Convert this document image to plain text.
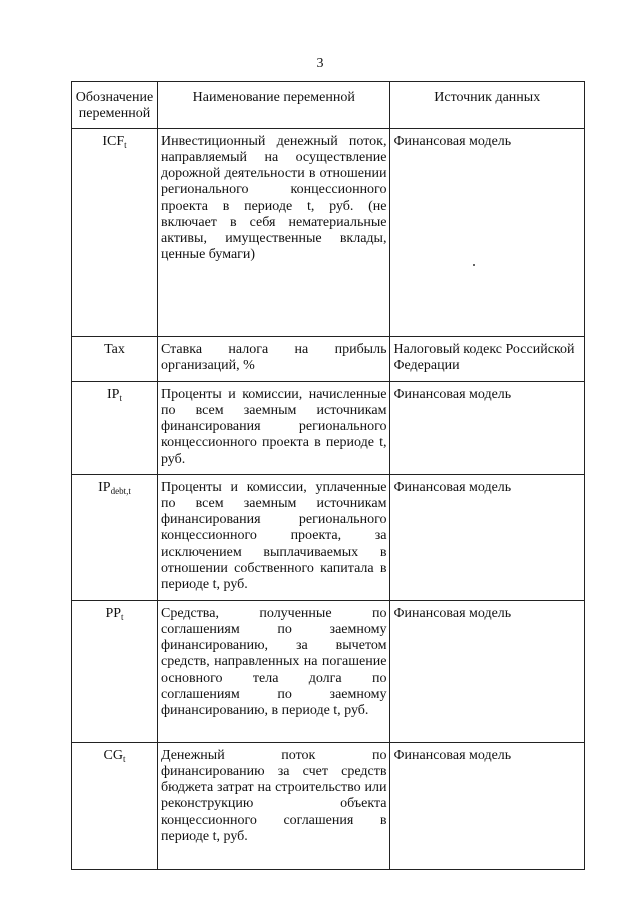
3
Обозначение переменной	Наименование переменной	Источник данных
$ICF_t$	Инвестиционный денежный поток, направляемый на осуществление дорожной деятельности в отношении регионального концессионного проекта в периоде t, руб. (не включает в себя нематериальные активы, имущественные вклады, ценные бумаги)	Финансовая модель
Tax	Ставка налога на прибыль организаций, %	Налоговый кодекс Российской Федерации
$IP_t$	Проценты и комиссии, начисленные по всем заемным источникам финансирования регионального концессионного проекта в периоде t, руб.	Финансовая модель
$IP_{debt,t}$	Проценты и комиссии, уплаченные по всем заемным источникам финансирования регионального концессионного проекта, за исключением выплачиваемых в отношении собственного капитала в периоде t, руб.	Финансовая модель
$PP_t$	Средства, полученные по соглашениям по заемному финансированию, за вычетом средств, направленных на погашение основного тела долга по соглашениям по заемному финансированию, в периоде t, руб.	Финансовая модель
$CG_t$	Денежный поток по финансированию за счет средств бюджета затрат на строительство или реконструкцию объекта концессионного соглашения в периоде t, руб.	Финансовая модель
